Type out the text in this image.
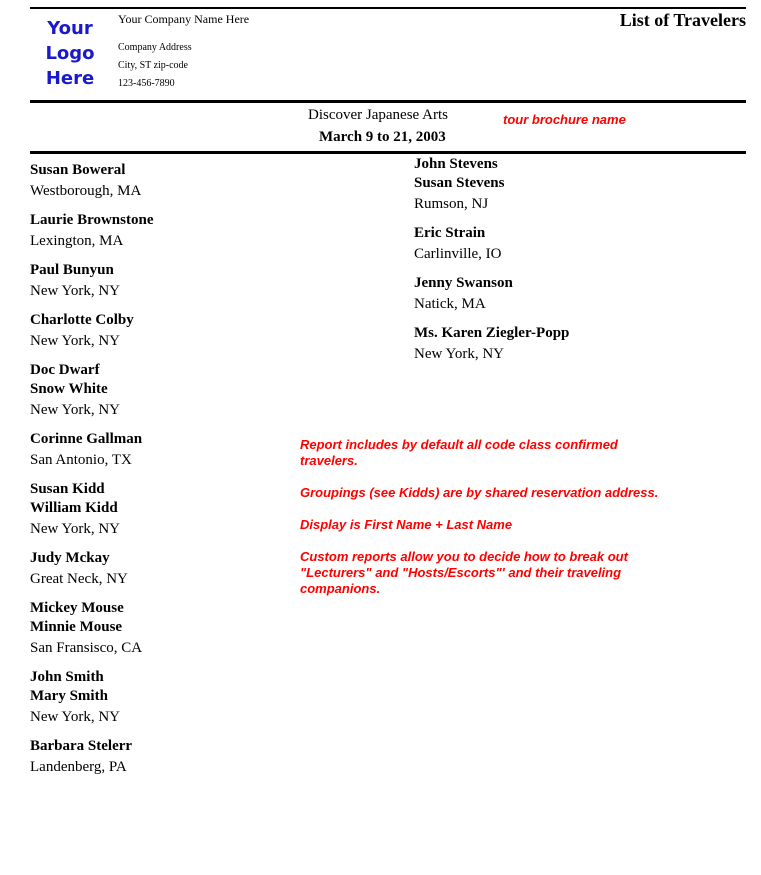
Your
Logo
Here
Your Company Name Here
Company Address
City, ST zip-code
123-456-7890
List of Travelers
Discover Japanese Arts
March 9 to 21, 2003
tour brochure name
Susan Boweral
Westborough, MA
Laurie Brownstone
Lexington, MA
Paul Bunyun
New York, NY
Charlotte Colby
New York, NY
Doc Dwarf
Snow White
New York, NY
Corinne Gallman
San Antonio, TX
Susan Kidd
William Kidd
New York, NY
Judy Mckay
Great Neck, NY
Mickey Mouse
Minnie Mouse
San Fransisco, CA
John Smith
Mary Smith
New York, NY
Barbara Stelerr
Landenberg, PA
John Stevens
Susan Stevens
Rumson, NJ
Eric Strain
Carlinville, IO
Jenny Swanson
Natick, MA
Ms. Karen Ziegler-Popp
New York, NY

Report includes by default all code class confirmed travelers.

Groupings (see Kidds) are by shared reservation address.

Display is First Name + Last Name

Custom reports allow you to decide how to break out "Lecturers" and "Hosts/Escorts"' and their traveling companions.
